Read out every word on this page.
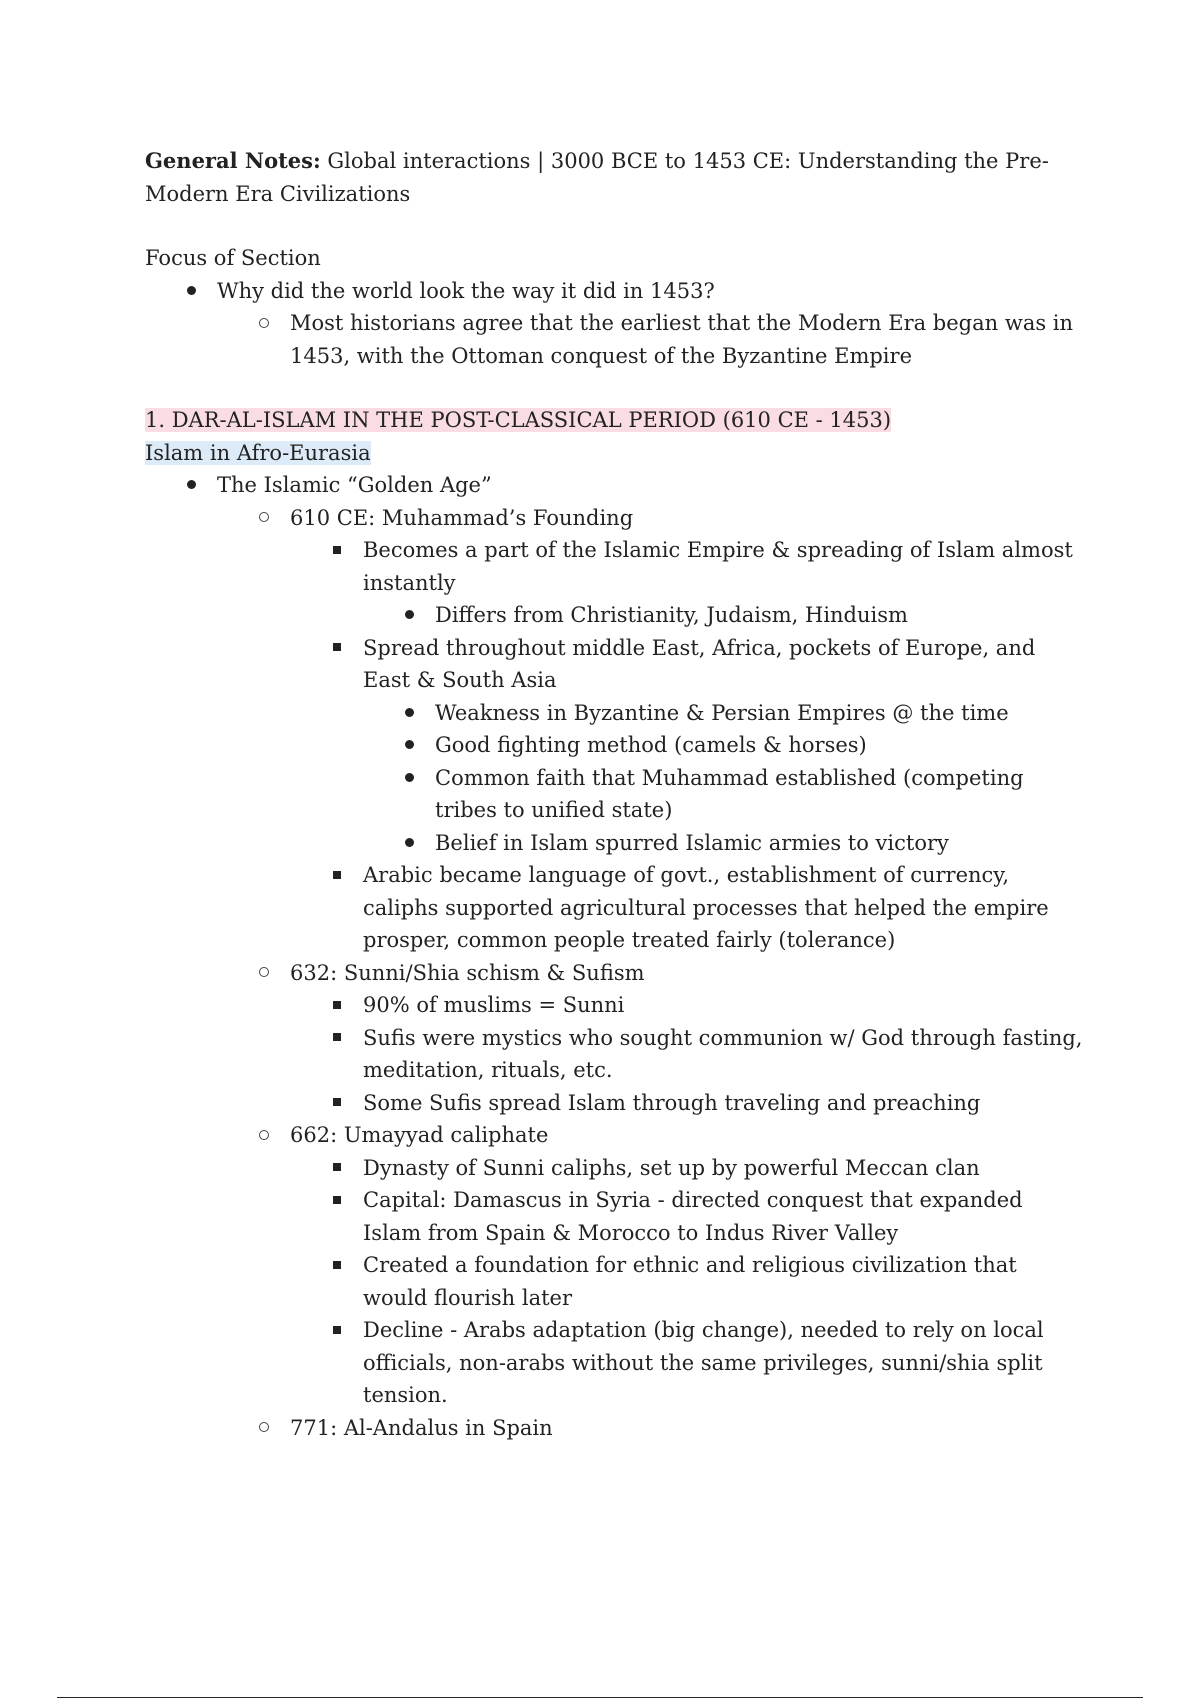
General Notes: Global interactions | 3000 BCE to 1453 CE: Understanding the Pre-Modern Era Civilizations
Focus of Section
Why did the world look the way it did in 1453?
Most historians agree that the earliest that the Modern Era began was in 1453, with the Ottoman conquest of the Byzantine Empire
1. DAR-AL-ISLAM IN THE POST-CLASSICAL PERIOD (610 CE - 1453)
Islam in Afro-Eurasia
The Islamic “Golden Age”
610 CE: Muhammad’s Founding
Becomes a part of the Islamic Empire & spreading of Islam almost instantly
Differs from Christianity, Judaism, Hinduism
Spread throughout middle East, Africa, pockets of Europe, and East & South Asia
Weakness in Byzantine & Persian Empires @ the time
Good fighting method (camels & horses)
Common faith that Muhammad established (competing tribes to unified state)
Belief in Islam spurred Islamic armies to victory
Arabic became language of govt., establishment of currency, caliphs supported agricultural processes that helped the empire prosper, common people treated fairly (tolerance)
632: Sunni/Shia schism & Sufism
90% of muslims = Sunni
Sufis were mystics who sought communion w/ God through fasting, meditation, rituals, etc.
Some Sufis spread Islam through traveling and preaching
662: Umayyad caliphate
Dynasty of Sunni caliphs, set up by powerful Meccan clan
Capital: Damascus in Syria - directed conquest that expanded Islam from Spain & Morocco to Indus River Valley
Created a foundation for ethnic and religious civilization that would flourish later
Decline - Arabs adaptation (big change), needed to rely on local officials, non-arabs without the same privileges, sunni/shia split tension.
771: Al-Andalus in Spain
